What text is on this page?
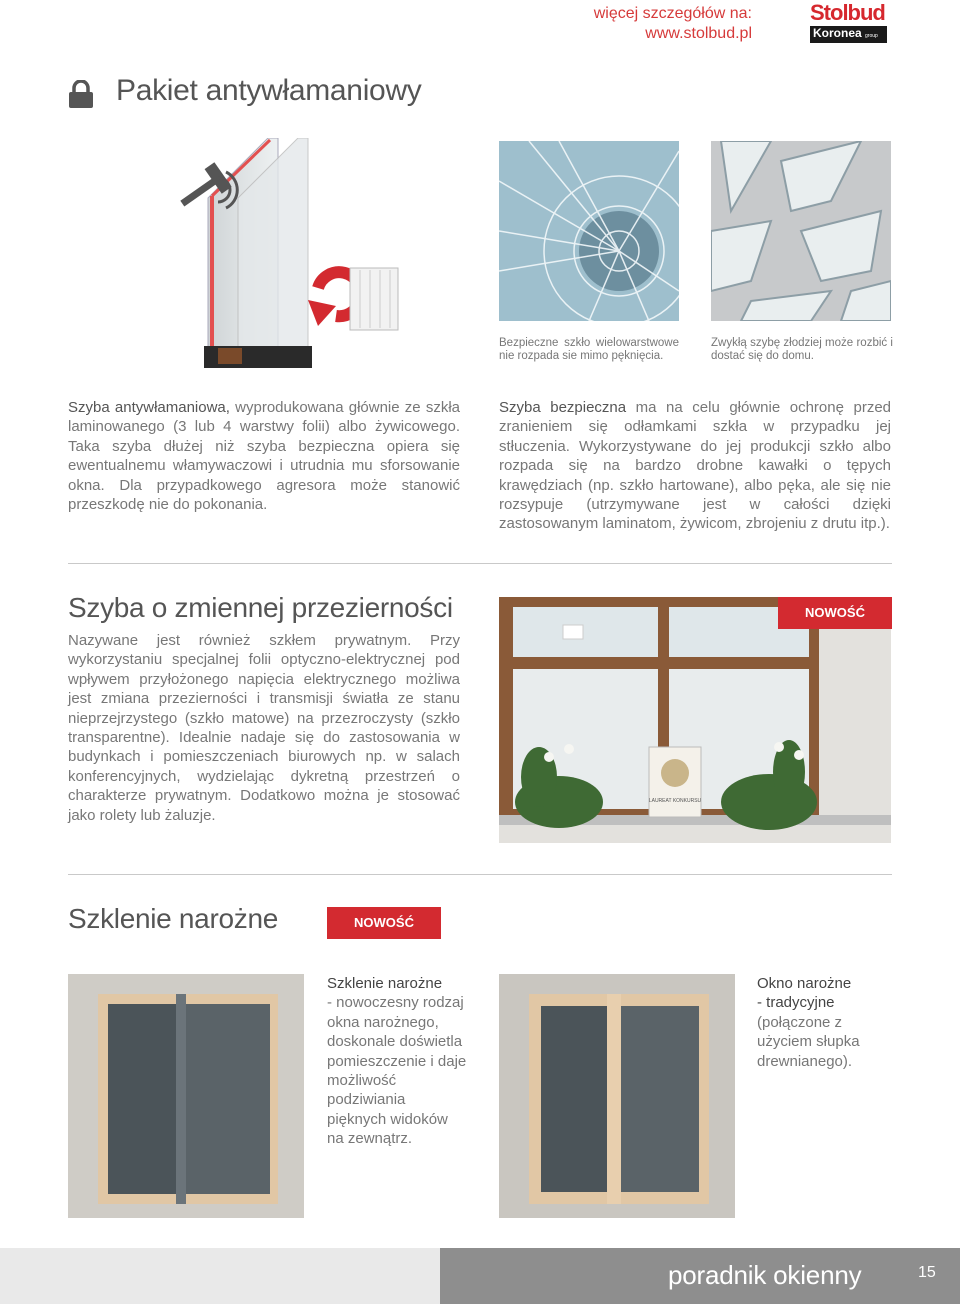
więcej szczegółów na:
www.stolbud.pl
Stolbud
Koronea group
Pakiet antywłamaniowy
Bezpieczne szkło wielowarstwowe nie rozpada sie mimo pęknięcia.
Zwykłą szybę złodziej może rozbić i dostać się do domu.
Szyba antywłamaniowa, wyprodukowana głównie ze szkła laminowanego (3 lub 4 warstwy folii) albo żywicowego. Taka szyba dłużej niż szyba bezpieczna opiera się ewentualnemu włamywaczowi i utrudnia mu sforsowanie okna. Dla przypadkowego agresora może stanowić przeszkodę nie do pokonania.
Szyba bezpieczna ma na celu głównie ochronę przed zranieniem się odłamkami szkła w przypadku jej stłuczenia. Wykorzystywane do jej produkcji szkło albo rozpada się na bardzo drobne kawałki o tępych krawędziach (np. szkło hartowane), albo pęka, ale się nie rozsypuje (utrzymywane jest w całości dzięki zastosowanym laminatom, żywicom, zbrojeniu z drutu itp.).
Szyba o zmiennej przezierności
Nazywane jest również szkłem prywatnym. Przy wykorzystaniu specjalnej folii optyczno-elektrycznej pod wpływem przyłożonego napięcia elektrycznego możliwa jest zmiana przezierności i transmisji światła ze stanu nieprzejrzystego (szkło matowe) na przezroczysty (szkło transparentne). Idealnie nadaje się do zastosowania w budynkach i pomieszczeniach biurowych np. w salach konferencyjnych, wydzielając dykretną przestrzeń o charakterze prywatnym. Dodatkowo można je stosować jako rolety lub żaluzje.
LAUREAT KONKURSU
NOWOŚĆ
Szklenie narożne	NOWOŚĆ
Szklenie narożne
- nowoczesny rodzaj okna narożnego, doskonale doświetla pomieszczenie i daje możliwość podziwiania pięknych widoków na zewnątrz.
Okno narożne
- tradycyjne
(połączone z użyciem słupka drewnianego).
poradnik okienny	15
